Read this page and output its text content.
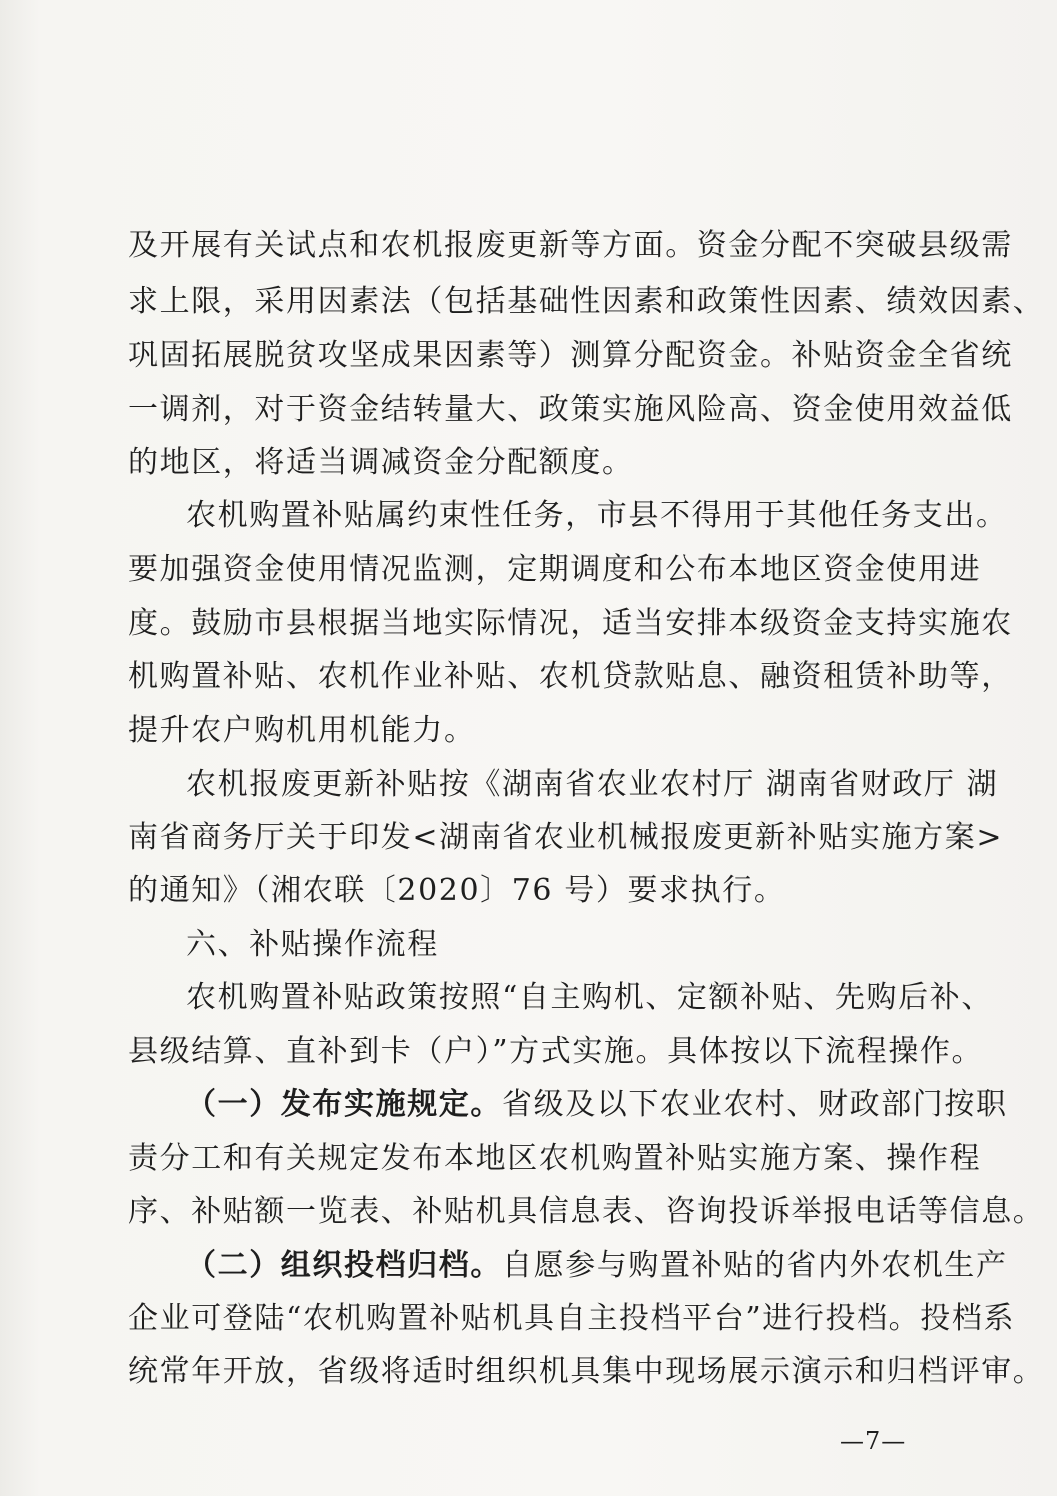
及开展有关试点和农机报废更新等方面。资金分配不突破县级需
求上限，采用因素法（包括基础性因素和政策性因素、绩效因素、
巩固拓展脱贫攻坚成果因素等）测算分配资金。补贴资金全省统
一调剂，对于资金结转量大、政策实施风险高、资金使用效益低
的地区，将适当调减资金分配额度。
农机购置补贴属约束性任务，市县不得用于其他任务支出。
要加强资金使用情况监测，定期调度和公布本地区资金使用进
度。鼓励市县根据当地实际情况，适当安排本级资金支持实施农
机购置补贴、农机作业补贴、农机贷款贴息、融资租赁补助等，
提升农户购机用机能力。
农机报废更新补贴按《湖南省农业农村厅 湖南省财政厅 湖
南省商务厅关于印发<湖南省农业机械报废更新补贴实施方案>
的通知》（湘农联〔2020〕76 号）要求执行。
六、补贴操作流程
农机购置补贴政策按照“自主购机、定额补贴、先购后补、
县级结算、直补到卡（户）”方式实施。具体按以下流程操作。
（一）发布实施规定。省级及以下农业农村、财政部门按职
责分工和有关规定发布本地区农机购置补贴实施方案、操作程
序、补贴额一览表、补贴机具信息表、咨询投诉举报电话等信息。
（二）组织投档归档。自愿参与购置补贴的省内外农机生产
企业可登陆“农机购置补贴机具自主投档平台”进行投档。投档系
统常年开放，省级将适时组织机具集中现场展示演示和归档评审。
—7—
